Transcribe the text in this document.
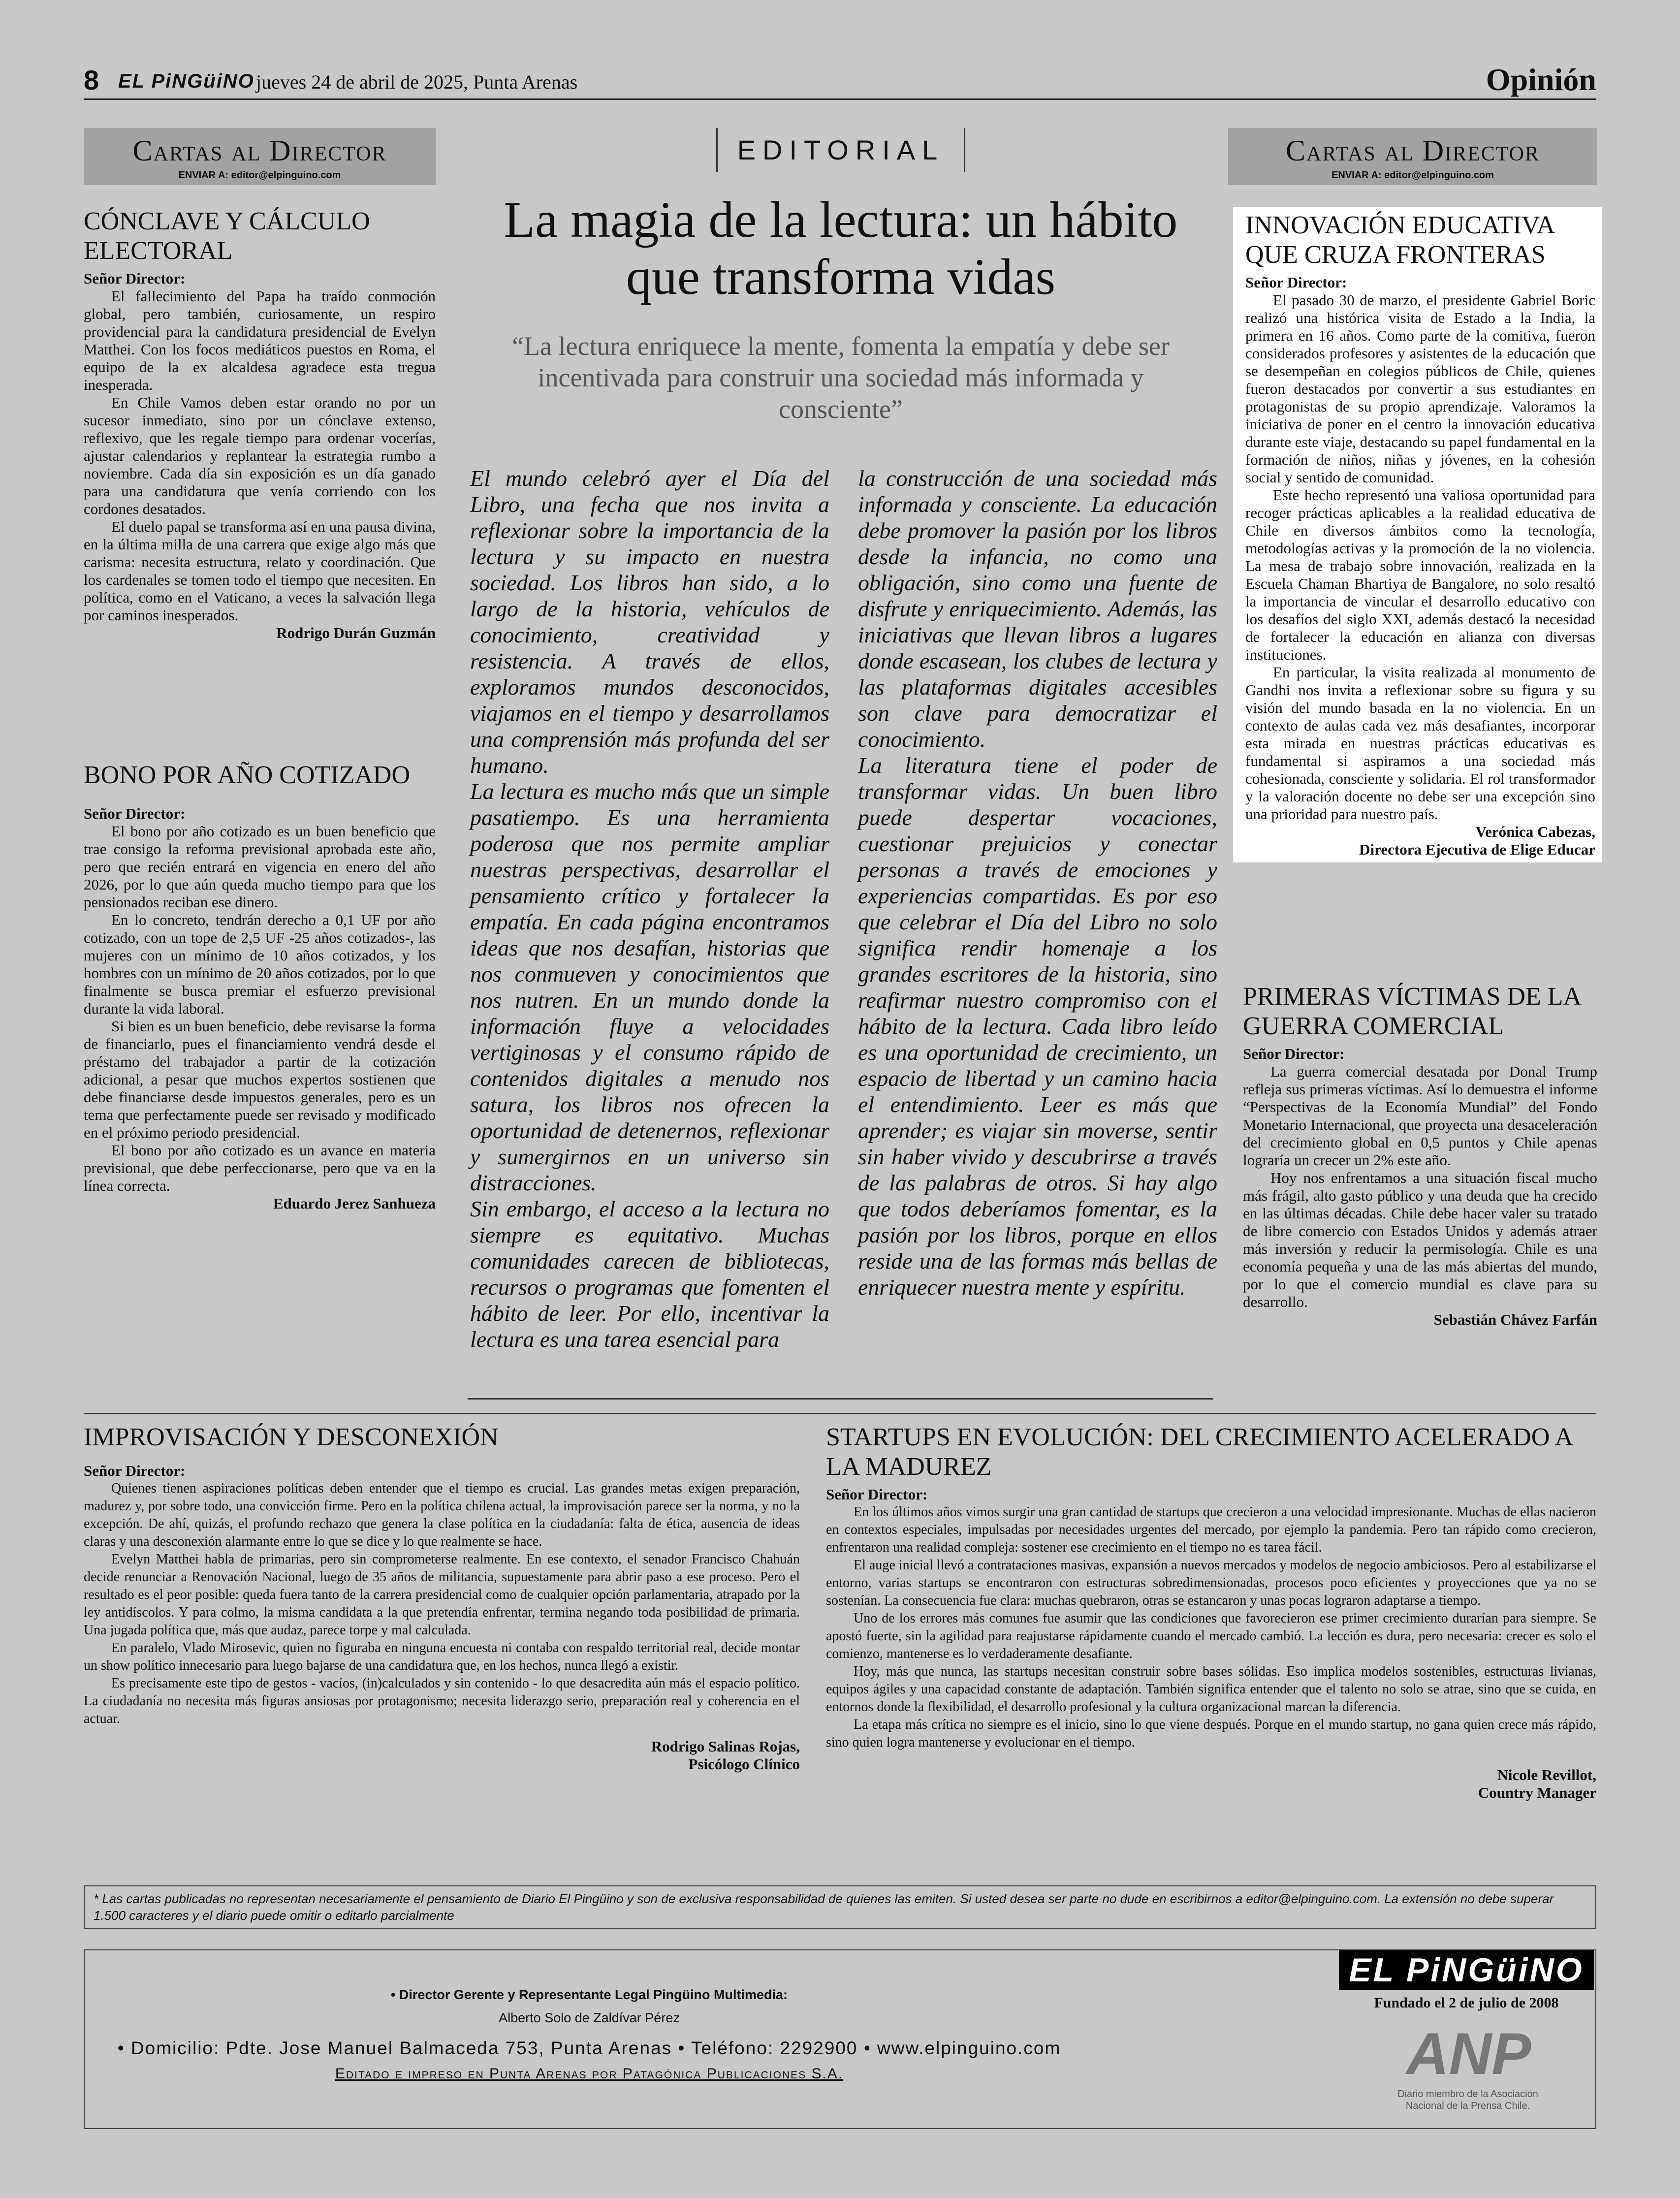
8 EL PiNGüiNO jueves 24 de abril de 2025, Punta Arenas	Opinión
Cartas al Director
ENVIAR A: editor@elpinguino.com
CÓNCLAVE Y CÁLCULO ELECTORAL
Señor Director:

El fallecimiento del Papa ha traído conmoción global, pero también, curiosamente, un respiro providencial para la candidatura presidencial de Evelyn Matthei. Con los focos mediáticos puestos en Roma, el equipo de la ex alcaldesa agradece esta tregua inesperada.

En Chile Vamos deben estar orando no por un sucesor inmediato, sino por un cónclave extenso, reflexivo, que les regale tiempo para ordenar vocerías, ajustar calendarios y replantear la estrategia rumbo a noviembre. Cada día sin exposición es un día ganado para una candidatura que venía corriendo con los cordones desatados.

El duelo papal se transforma así en una pausa divina, en la última milla de una carrera que exige algo más que carisma: necesita estructura, relato y coordinación. Que los cardenales se tomen todo el tiempo que necesiten. En política, como en el Vaticano, a veces la salvación llega por caminos inesperados.

Rodrigo Durán Guzmán
BONO POR AÑO COTIZADO
Señor Director:

El bono por año cotizado es un buen beneficio que trae consigo la reforma previsional aprobada este año, pero que recién entrará en vigencia en enero del año 2026, por lo que aún queda mucho tiempo para que los pensionados reciban ese dinero.

En lo concreto, tendrán derecho a 0,1 UF por año cotizado, con un tope de 2,5 UF -25 años cotizados-, las mujeres con un mínimo de 10 años cotizados, y los hombres con un mínimo de 20 años cotizados, por lo que finalmente se busca premiar el esfuerzo previsional durante la vida laboral.

Si bien es un buen beneficio, debe revisarse la forma de financiarlo, pues el financiamiento vendrá desde el préstamo del trabajador a partir de la cotización adicional, a pesar que muchos expertos sostienen que debe financiarse desde impuestos generales, pero es un tema que perfectamente puede ser revisado y modificado en el próximo periodo presidencial.

El bono por año cotizado es un avance en materia previsional, que debe perfeccionarse, pero que va en la línea correcta.

Eduardo Jerez Sanhueza
EDITORIAL
La magia de la lectura: un hábito que transforma vidas
“La lectura enriquece la mente, fomenta la empatía y debe ser incentivada para construir una sociedad más informada y consciente”

El mundo celebró ayer el Día del Libro, una fecha que nos invita a reflexionar sobre la importancia de la lectura y su impacto en nuestra sociedad. Los libros han sido, a lo largo de la historia, vehículos de conocimiento, creatividad y resistencia. A través de ellos, exploramos mundos desconocidos, viajamos en el tiempo y desarrollamos una comprensión más profunda del ser humano.

La lectura es mucho más que un simple pasatiempo. Es una herramienta poderosa que nos permite ampliar nuestras perspectivas, desarrollar el pensamiento crítico y fortalecer la empatía. En cada página encontramos ideas que nos desafían, historias que nos conmueven y conocimientos que nos nutren. En un mundo donde la información fluye a velocidades vertiginosas y el consumo rápido de contenidos digitales a menudo nos satura, los libros nos ofrecen la oportunidad de detenernos, reflexionar y sumergirnos en un universo sin distracciones.

Sin embargo, el acceso a la lectura no siempre es equitativo. Muchas comunidades carecen de bibliotecas, recursos o programas que fomenten el hábito de leer. Por ello, incentivar la lectura es una tarea esencial para

la construcción de una sociedad más informada y consciente. La educación debe promover la pasión por los libros desde la infancia, no como una obligación, sino como una fuente de disfrute y enriquecimiento. Además, las iniciativas que llevan libros a lugares donde escasean, los clubes de lectura y las plataformas digitales accesibles son clave para democratizar el conocimiento.

La literatura tiene el poder de transformar vidas. Un buen libro puede despertar vocaciones, cuestionar prejuicios y conectar personas a través de emociones y experiencias compartidas. Es por eso que celebrar el Día del Libro no solo significa rendir homenaje a los grandes escritores de la historia, sino reafirmar nuestro compromiso con el hábito de la lectura. Cada libro leído es una oportunidad de crecimiento, un espacio de libertad y un camino hacia el entendimiento. Leer es más que aprender; es viajar sin moverse, sentir sin haber vivido y descubrirse a través de las palabras de otros. Si hay algo que todos deberíamos fomentar, es la pasión por los libros, porque en ellos reside una de las formas más bellas de enriquecer nuestra mente y espíritu.

Cartas al Director
ENVIAR A: editor@elpinguino.com
INNOVACIÓN EDUCATIVA QUE CRUZA FRONTERAS
Señor Director:

El pasado 30 de marzo, el presidente Gabriel Boric realizó una histórica visita de Estado a la India, la primera en 16 años. Como parte de la comitiva, fueron considerados profesores y asistentes de la educación que se desempeñan en colegios públicos de Chile, quienes fueron destacados por convertir a sus estudiantes en protagonistas de su propio aprendizaje. Valoramos la iniciativa de poner en el centro la innovación educativa durante este viaje, destacando su papel fundamental en la formación de niños, niñas y jóvenes, en la cohesión social y sentido de comunidad.

Este hecho representó una valiosa oportunidad para recoger prácticas aplicables a la realidad educativa de Chile en diversos ámbitos como la tecnología, metodologías activas y la promoción de la no violencia. La mesa de trabajo sobre innovación, realizada en la Escuela Chaman Bhartiya de Bangalore, no solo resaltó la importancia de vincular el desarrollo educativo con los desafíos del siglo XXI, además destacó la necesidad de fortalecer la educación en alianza con diversas instituciones.

En particular, la visita realizada al monumento de Gandhi nos invita a reflexionar sobre su figura y su visión del mundo basada en la no violencia. En un contexto de aulas cada vez más desafiantes, incorporar esta mirada en nuestras prácticas educativas es fundamental si aspiramos a una sociedad más cohesionada, consciente y solidaria. El rol transformador y la valoración docente no debe ser una excepción sino una prioridad para nuestro país.

Verónica Cabezas,
Directora Ejecutiva de Elige Educar
PRIMERAS VÍCTIMAS DE LA GUERRA COMERCIAL
Señor Director:

La guerra comercial desatada por Donal Trump refleja sus primeras víctimas. Así lo demuestra el informe “Perspectivas de la Economía Mundial” del Fondo Monetario Internacional, que proyecta una desaceleración del crecimiento global en 0,5 puntos y Chile apenas lograría un crecer un 2% este año.

Hoy nos enfrentamos a una situación fiscal mucho más frágil, alto gasto público y una deuda que ha crecido en las últimas décadas. Chile debe hacer valer su tratado de libre comercio con Estados Unidos y además atraer más inversión y reducir la permisología. Chile es una economía pequeña y una de las más abiertas del mundo, por lo que el comercio mundial es clave para su desarrollo.

Sebastián Chávez Farfán
IMPROVISACIÓN Y DESCONEXIÓN
Señor Director:

Quienes tienen aspiraciones políticas deben entender que el tiempo es crucial. Las grandes metas exigen preparación, madurez y, por sobre todo, una convicción firme. Pero en la política chilena actual, la improvisación parece ser la norma, y no la excepción. De ahí, quizás, el profundo rechazo que genera la clase política en la ciudadanía: falta de ética, ausencia de ideas claras y una desconexión alarmante entre lo que se dice y lo que realmente se hace.

Evelyn Matthei habla de primarias, pero sin comprometerse realmente. En ese contexto, el senador Francisco Chahuán decide renunciar a Renovación Nacional, luego de 35 años de militancia, supuestamente para abrir paso a ese proceso. Pero el resultado es el peor posible: queda fuera tanto de la carrera presidencial como de cualquier opción parlamentaria, atrapado por la ley antidíscolos. Y para colmo, la misma candidata a la que pretendía enfrentar, termina negando toda posibilidad de primaria. Una jugada política que, más que audaz, parece torpe y mal calculada.

En paralelo, Vlado Mirosevic, quien no figuraba en ninguna encuesta ni contaba con respaldo territorial real, decide montar un show político innecesario para luego bajarse de una candidatura que, en los hechos, nunca llegó a existir.

Es precisamente este tipo de gestos - vacíos, (in)calculados y sin contenido - lo que desacredita aún más el espacio político. La ciudadanía no necesita más figuras ansiosas por protagonismo; necesita liderazgo serio, preparación real y coherencia en el actuar.

Rodrigo Salinas Rojas,
Psicólogo Clínico
STARTUPS EN EVOLUCIÓN: DEL CRECIMIENTO ACELERADO A LA MADUREZ
Señor Director:

En los últimos años vimos surgir una gran cantidad de startups que crecieron a una velocidad impresionante. Muchas de ellas nacieron en contextos especiales, impulsadas por necesidades urgentes del mercado, por ejemplo la pandemia. Pero tan rápido como crecieron, enfrentaron una realidad compleja: sostener ese crecimiento en el tiempo no es tarea fácil.

El auge inicial llevó a contrataciones masivas, expansión a nuevos mercados y modelos de negocio ambiciosos. Pero al estabilizarse el entorno, varias startups se encontraron con estructuras sobredimensionadas, procesos poco eficientes y proyecciones que ya no se sostenían. La consecuencia fue clara: muchas quebraron, otras se estancaron y unas pocas lograron adaptarse a tiempo.

Uno de los errores más comunes fue asumir que las condiciones que favorecieron ese primer crecimiento durarían para siempre. Se apostó fuerte, sin la agilidad para reajustarse rápidamente cuando el mercado cambió. La lección es dura, pero necesaria: crecer es solo el comienzo, mantenerse es lo verdaderamente desafiante.

Hoy, más que nunca, las startups necesitan construir sobre bases sólidas. Eso implica modelos sostenibles, estructuras livianas, equipos ágiles y una capacidad constante de adaptación. También significa entender que el talento no solo se atrae, sino que se cuida, en entornos donde la flexibilidad, el desarrollo profesional y la cultura organizacional marcan la diferencia.

La etapa más crítica no siempre es el inicio, sino lo que viene después. Porque en el mundo startup, no gana quien crece más rápido, sino quien logra mantenerse y evolucionar en el tiempo.

Nicole Revillot,
Country Manager
* Las cartas publicadas no representan necesariamente el pensamiento de Diario El Pingüino y son de exclusiva responsabilidad de quienes las emiten. Si usted desea ser parte no dude en escribirnos a editor@elpinguino.com. La extensión no debe superar 1.500 caracteres y el diario puede omitir o editarlo parcialmente
• Director Gerente y Representante Legal Pingüino Multimedia:
Alberto Solo de Zaldívar Pérez
• Domicilio: Pdte. Jose Manuel Balmaceda 753, Punta Arenas • Teléfono: 2292900 • www.elpinguino.com
Editado e impreso en Punta Arenas por Patagónica Publicaciones S.A.
EL PiNGüiNO
Fundado el 2 de julio de 2008
ANP
Diario miembro de la Asociación Nacional de la Prensa Chile.
